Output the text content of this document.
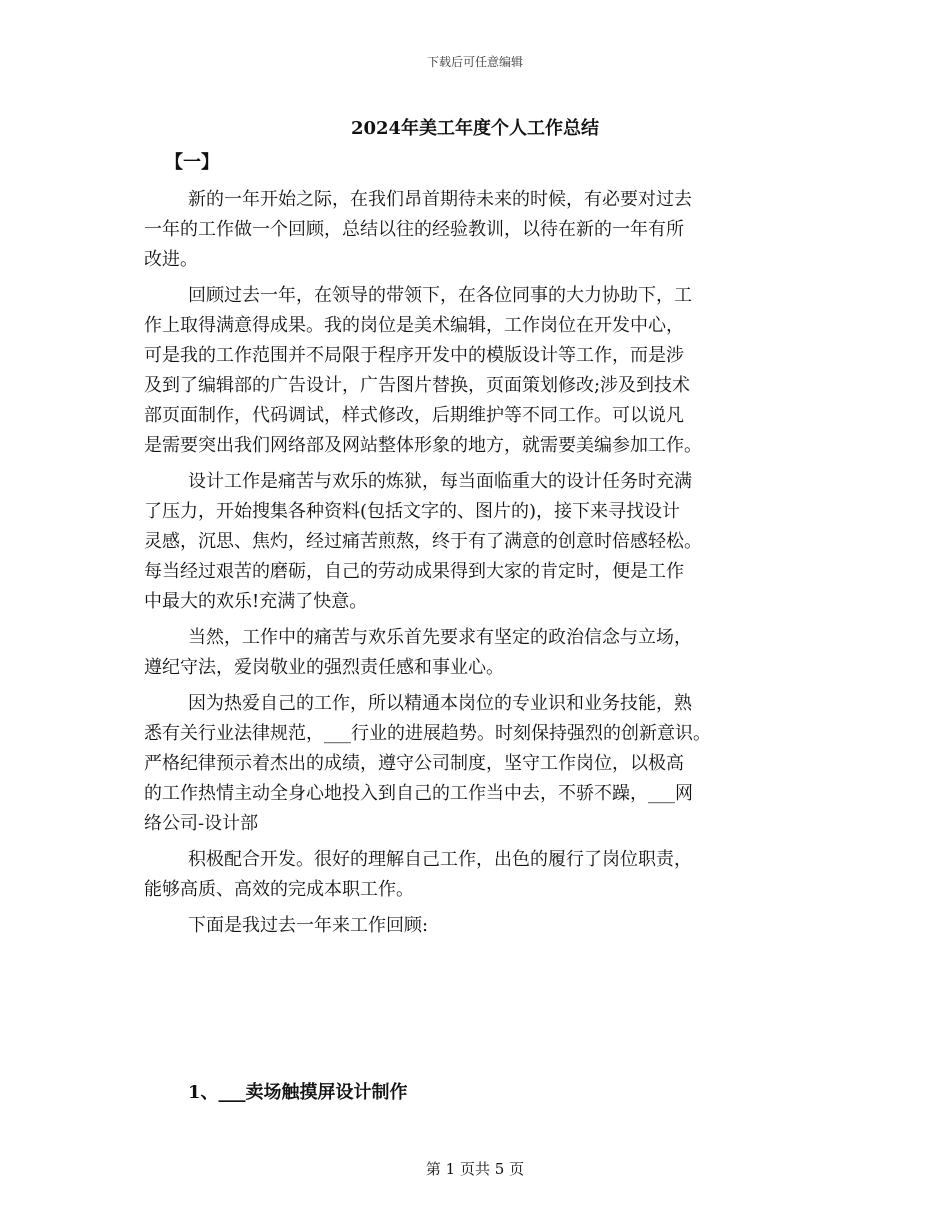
下载后可任意编辑
2024年美工年度个人工作总结
【一】
新的一年开始之际，在我们昂首期待未来的时候，有必要对过去
一年的工作做一个回顾，总结以往的经验教训，以待在新的一年有所
改进。
回顾过去一年，在领导的带领下，在各位同事的大力协助下，工
作上取得满意得成果。我的岗位是美术编辑，工作岗位在开发中心，
可是我的工作范围并不局限于程序开发中的模版设计等工作，而是涉
及到了编辑部的广告设计，广告图片替换，页面策划修改;涉及到技术
部页面制作，代码调试，样式修改，后期维护等不同工作。可以说凡
是需要突出我们网络部及网站整体形象的地方，就需要美编参加工作。
设计工作是痛苦与欢乐的炼狱，每当面临重大的设计任务时充满
了压力，开始搜集各种资料(包括文字的、图片的)，接下来寻找设计
灵感，沉思、焦灼，经过痛苦煎熬，终于有了满意的创意时倍感轻松。
每当经过艰苦的磨砺，自己的劳动成果得到大家的肯定时，便是工作
中最大的欢乐!充满了快意。
当然，工作中的痛苦与欢乐首先要求有坚定的政治信念与立场，
遵纪守法，爱岗敬业的强烈责任感和事业心。
因为热爱自己的工作，所以精通本岗位的专业识和业务技能，熟
悉有关行业法律规范，___行业的进展趋势。时刻保持强烈的创新意识。
严格纪律预示着杰出的成绩，遵守公司制度，坚守工作岗位，以极高
的工作热情主动全身心地投入到自己的工作当中去，不骄不躁，___网
络公司-设计部
积极配合开发。很好的理解自己工作，出色的履行了岗位职责，
能够高质、高效的完成本职工作。
下面是我过去一年来工作回顾:
1、___卖场触摸屏设计制作
第 1 页共 5 页
